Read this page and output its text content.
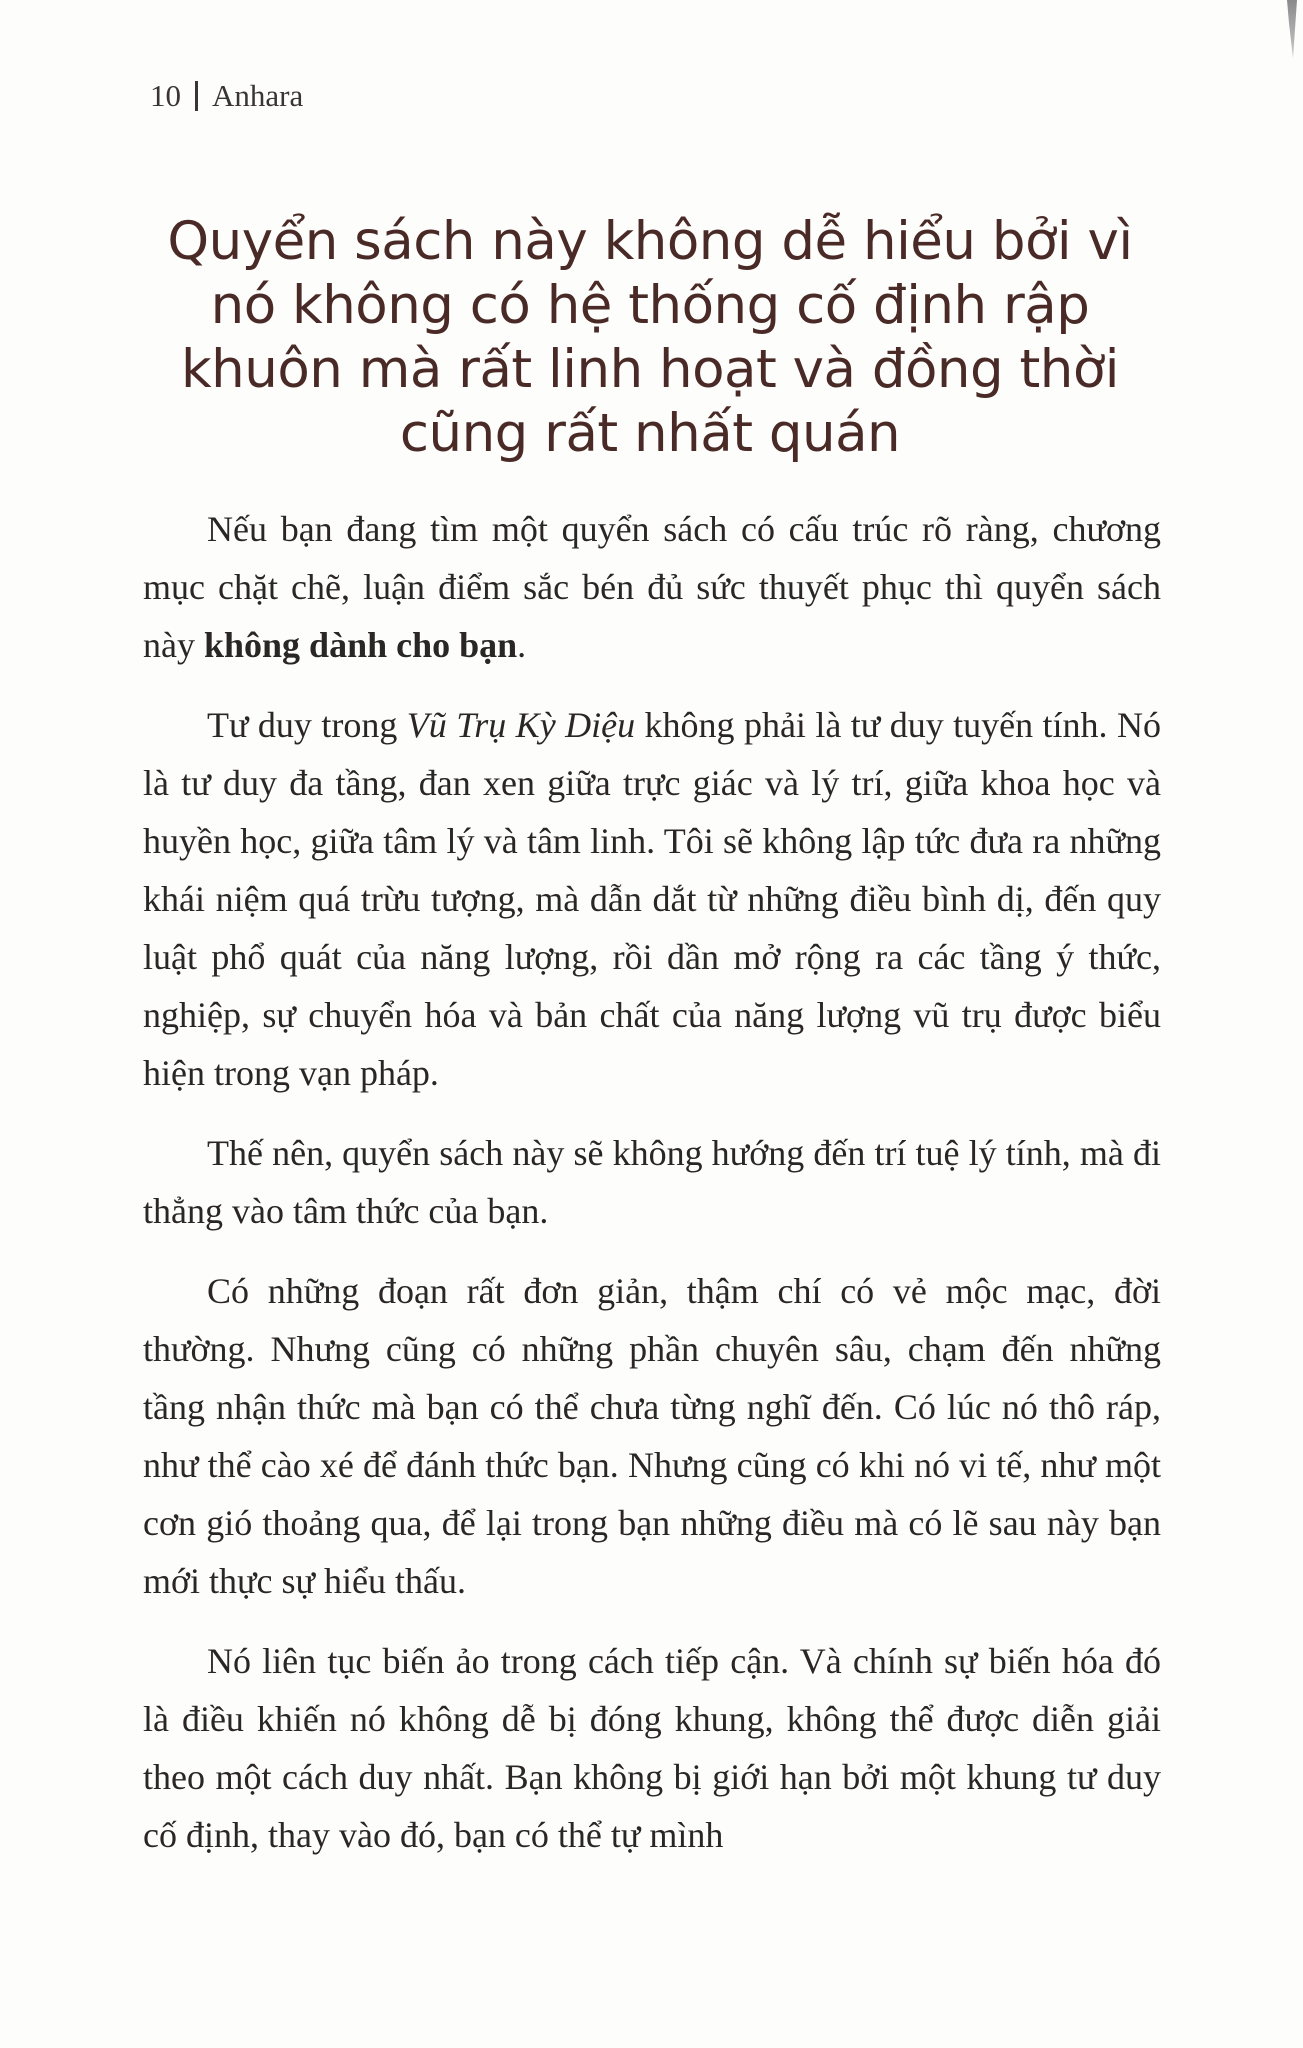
10 Anhara
Quyển sách này không dễ hiểu bởi vì nó không có hệ thống cố định rập khuôn mà rất linh hoạt và đồng thời cũng rất nhất quán

Nếu bạn đang tìm một quyển sách có cấu trúc rõ ràng, chương mục chặt chẽ, luận điểm sắc bén đủ sức thuyết phục thì quyển sách này không dành cho bạn.

Tư duy trong Vũ Trụ Kỳ Diệu không phải là tư duy tuyến tính. Nó là tư duy đa tầng, đan xen giữa trực giác và lý trí, giữa khoa học và huyền học, giữa tâm lý và tâm linh. Tôi sẽ không lập tức đưa ra những khái niệm quá trừu tượng, mà dẫn dắt từ những điều bình dị, đến quy luật phổ quát của năng lượng, rồi dần mở rộng ra các tầng ý thức, nghiệp, sự chuyển hóa và bản chất của năng lượng vũ trụ được biểu hiện trong vạn pháp.

Thế nên, quyển sách này sẽ không hướng đến trí tuệ lý tính, mà đi thẳng vào tâm thức của bạn.

Có những đoạn rất đơn giản, thậm chí có vẻ mộc mạc, đời thường. Nhưng cũng có những phần chuyên sâu, chạm đến những tầng nhận thức mà bạn có thể chưa từng nghĩ đến. Có lúc nó thô ráp, như thể cào xé để đánh thức bạn. Nhưng cũng có khi nó vi tế, như một cơn gió thoảng qua, để lại trong bạn những điều mà có lẽ sau này bạn mới thực sự hiểu thấu.

Nó liên tục biến ảo trong cách tiếp cận. Và chính sự biến hóa đó là điều khiến nó không dễ bị đóng khung, không thể được diễn giải theo một cách duy nhất. Bạn không bị giới hạn bởi một khung tư duy cố định, thay vào đó, bạn có thể tự mình
